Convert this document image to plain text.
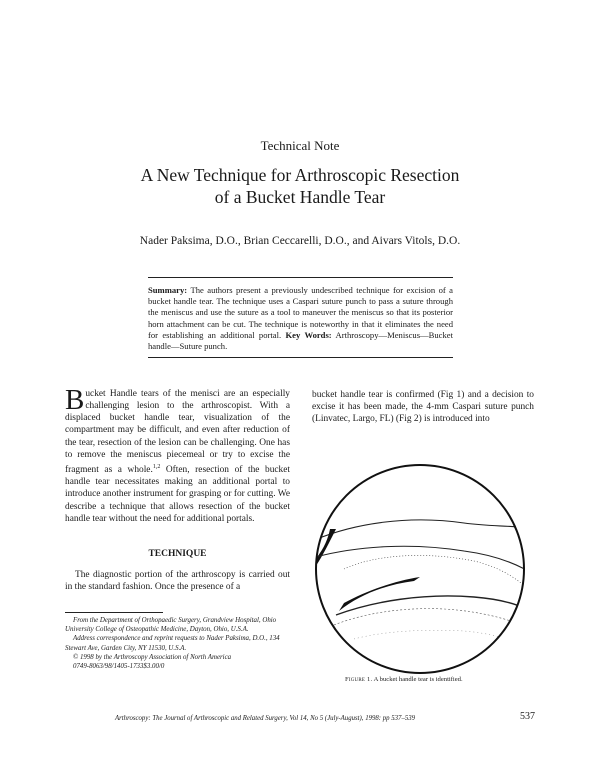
Technical Note
A New Technique for Arthroscopic Resection
of a Bucket Handle Tear
Nader Paksima, D.O., Brian Ceccarelli, D.O., and Aivars Vitols, D.O.
Summary: The authors present a previously undescribed technique for excision of a bucket handle tear. The technique uses a Caspari suture punch to pass a suture through the meniscus and use the suture as a tool to maneuver the meniscus so that its posterior horn attachment can be cut. The technique is noteworthy in that it eliminates the need for establishing an additional portal. Key Words: Arthroscopy—Meniscus—Bucket handle—Suture punch.

Bucket Handle tears of the menisci are an especially challenging lesion to the arthroscopist. With a displaced bucket handle tear, visualization of the compartment may be difficult, and even after reduction of the tear, resection of the lesion can be challenging. One has to remove the meniscus piecemeal or try to excise the fragment as a whole.$^{1,2}$ Often, resection of the bucket handle tear necessitates making an additional portal to introduce another instrument for grasping or for cutting. We describe a technique that allows resection of the bucket handle tear without the need for additional portals.

TECHNIQUE
The diagnostic portion of the arthroscopy is carried out in the standard fashion. Once the presence of a
From the Department of Orthopaedic Surgery, Grandview Hospital, Ohio University College of Osteopathic Medicine, Dayton, Ohio, U.S.A.
Address correspondence and reprint requests to Nader Paksima, D.O., 134 Stewart Ave, Garden City, NY 11530, U.S.A.
© 1998 by the Arthroscopy Association of North America
0749-8063/98/1405-1733$3.00/0
bucket handle tear is confirmed (Fig 1) and a decision to excise it has been made, the 4-mm Caspari suture punch (Linvatec, Largo, FL) (Fig 2) is introduced into
Figure 1. A bucket handle tear is identified.
Arthroscopy: The Journal of Arthroscopic and Related Surgery, Vol 14, No 5 (July-August), 1998: pp 537–539	537
